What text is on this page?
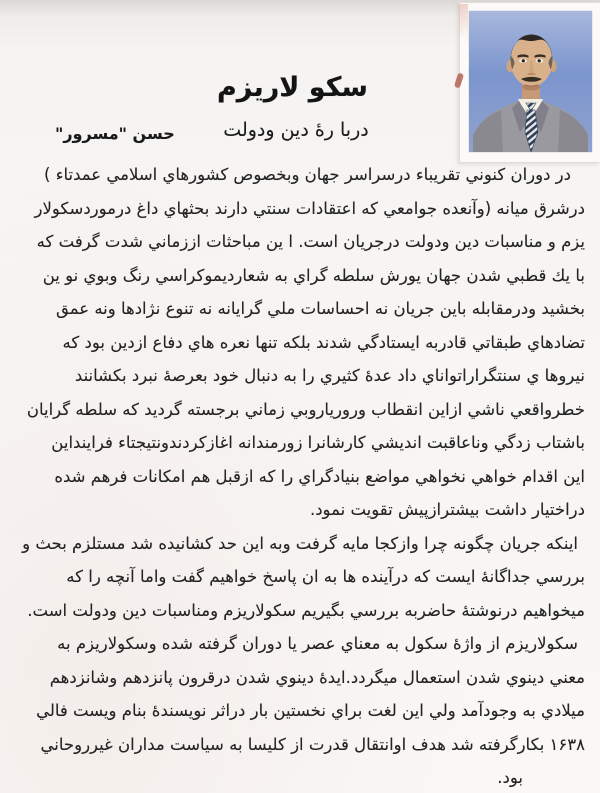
سکو لاریزم
دربا رهٔ دین ودولت
حسن "مسرور"
در دوران کنوني تقریباء درسراسر جهان وبخصوص کشورهاي اسلامي عمدتاء )
درشرق میانه (وآنعده جوامعي که اعتقادات سنتي دارند بحثهاي داغ درموردسکولار
یزم و مناسبات دین ودولت درجریان است. ا ین مباحثات اززماني شدت گرفت که
با یك قطبي شدن جهان یورش سلطه گراي به شعاردیموکراسي رنگ وبوي نو ین
بخشید ودرمقابله باین جریان نه احساسات ملي گرایانه نه تنوع نژادها ونه عمق
تضادهاي طبقاتي قادربه ایستادگي شدند بلکه تنها نعره هاي دفاع ازدین بود که
نیروها ي سنتگراراتواناي داد عدهٔ کثیري را به دنبال خود بعرصهٔ نبرد بکشانند
خطرواقعي ناشي ازاین انقطاب وروریاروبي زماني برجسته گردید که سلطه گرایان
باشتاب زدگي وناعاقبت اندیشي کارشانرا زورمندانه اغازکردندونتیجتاء فراینداین
این اقدام خواهي نخواهي مواضع بنیادگراي را که ازقبل هم امکانات فرهم شده
دراختیار داشت بیشترازپیش تقویت نمود.
اینکه جریان چگونه چرا وازکجا مایه گرفت وبه این حد کشانیده شد مستلزم بحث و
بررسي جداگانهٔ ایست که درآینده ها به ان پاسخ خواهیم گفت واما آنچه را که
میخواهیم درنوشتهٔ حاضربه بررسي بگیریم سکولاریزم ومناسبات دین ودولت است.
سکولاریزم از واژهٔ سکول به معناي عصر یا دوران گرفته شده وسکولاریزم به
معني دینوي شدن استعمال میگردد.ایدهٔ دینوي شدن درقرون پانزدهم وشانزدهم
میلادي به وجودآمد ولي این لغت براي نخستین بار دراثر نویسندهٔ بنام ویست فالي
۱۶۳۸ بکارگرفته شد هدف اوانتقال قدرت از کلیسا به سیاست مداران غیرروحاني
بود.
